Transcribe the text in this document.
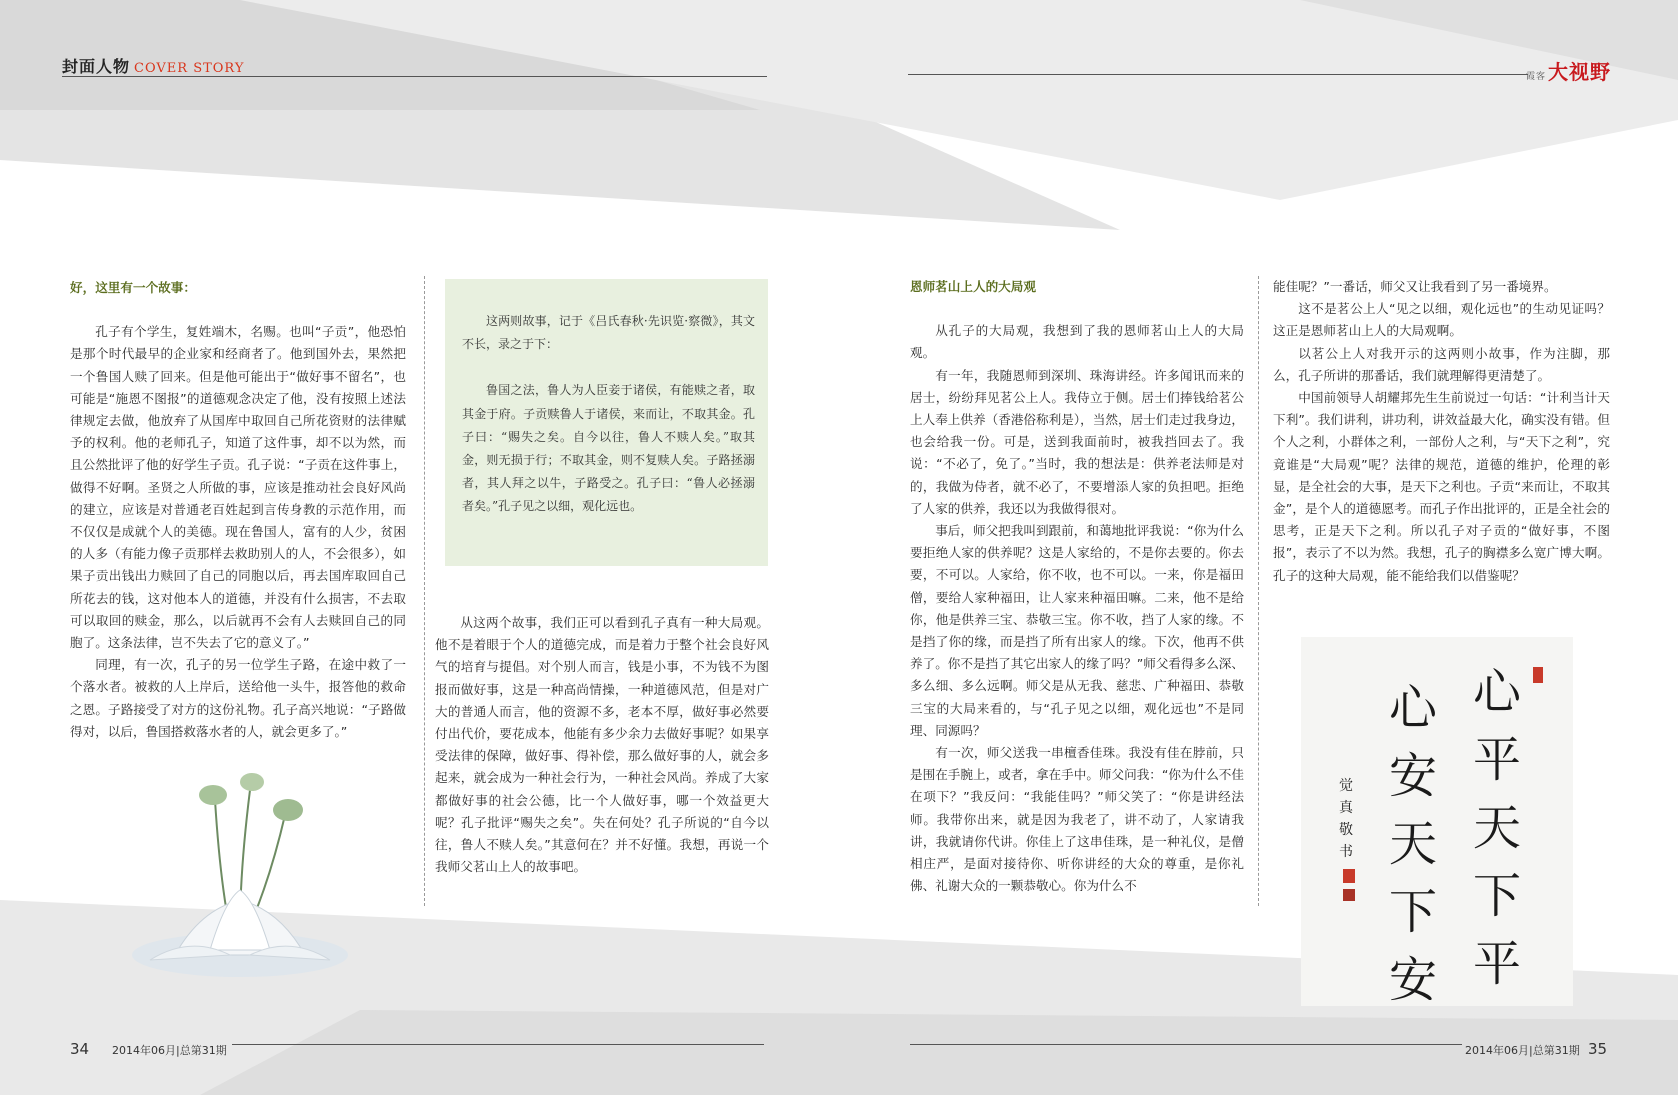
封面人物 COVER STORY
霞客 大视野

好，这里有一个故事：

孔子有个学生，复姓端木，名赐。也叫“子贡”，他恐怕是那个时代最早的企业家和经商者了。他到国外去，果然把一个鲁国人赎了回来。但是他可能出于“做好事不留名”，也可能是“施恩不图报”的道德观念决定了他，没有按照上述法律规定去做，他放弃了从国库中取回自己所花资财的法律赋予的权利。他的老师孔子，知道了这件事，却不以为然，而且公然批评了他的好学生子贡。孔子说：“子贡在这件事上，做得不好啊。圣贤之人所做的事，应该是推动社会良好风尚的建立，应该是对普通老百姓起到言传身教的示范作用，而不仅仅是成就个人的美德。现在鲁国人，富有的人少，贫困的人多（有能力像子贡那样去救助别人的人，不会很多），如果子贡出钱出力赎回了自己的同胞以后，再去国库取回自己所花去的钱，这对他本人的道德，并没有什么损害，不去取可以取回的赎金，那么，以后就再不会有人去赎回自己的同胞了。这条法律，岂不失去了它的意义了。”

同理，有一次，孔子的另一位学生子路，在途中救了一个落水者。被救的人上岸后，送给他一头牛，报答他的救命之恩。子路接受了对方的这份礼物。孔子高兴地说：“子路做得对，以后，鲁国搭救落水者的人，就会更多了。”

这两则故事，记于《吕氏春秋·先识览·察微》，其文不长，录之于下：

鲁国之法，鲁人为人臣妾于诸侯，有能赎之者，取其金于府。子贡赎鲁人于诸侯，来而让，不取其金。孔子曰：“赐失之矣。自今以往，鲁人不赎人矣。”取其金，则无损于行；不取其金，则不复赎人矣。子路拯溺者，其人拜之以牛，子路受之。孔子曰：“鲁人必拯溺者矣。”孔子见之以细，观化远也。

从这两个故事，我们正可以看到孔子真有一种大局观。他不是着眼于个人的道德完成，而是着力于整个社会良好风气的培育与提倡。对个别人而言，钱是小事，不为钱不为图报而做好事，这是一种高尚情操，一种道德风范，但是对广大的普通人而言，他的资源不多，老本不厚，做好事必然要付出代价，要花成本，他能有多少余力去做好事呢？如果享受法律的保障，做好事、得补偿，那么做好事的人，就会多起来，就会成为一种社会行为，一种社会风尚。养成了大家都做好事的社会公德，比一个人做好事，哪一个效益更大呢？孔子批评“赐失之矣”。失在何处？孔子所说的“自今以往，鲁人不赎人矣。”其意何在？并不好懂。我想，再说一个我师父茗山上人的故事吧。

恩师茗山上人的大局观

从孔子的大局观，我想到了我的恩师茗山上人的大局观。

有一年，我随恩师到深圳、珠海讲经。许多闻讯而来的居士，纷纷拜见茗公上人。我侍立于侧。居士们捧钱给茗公上人奉上供养（香港俗称利是），当然，居士们走过我身边，也会给我一份。可是，送到我面前时，被我挡回去了。我说：“不必了，免了。”当时，我的想法是：供养老法师是对的，我做为侍者，就不必了，不要增添人家的负担吧。拒绝了人家的供养，我还以为我做得很对。

事后，师父把我叫到跟前，和蔼地批评我说：“你为什么要拒绝人家的供养呢？这是人家给的，不是你去要的。你去要，不可以。人家给，你不收，也不可以。一来，你是福田僧，要给人家种福田，让人家来种福田嘛。二来，他不是给你，他是供养三宝、恭敬三宝。你不收，挡了人家的缘。不是挡了你的缘，而是挡了所有出家人的缘。下次，他再不供养了。你不是挡了其它出家人的缘了吗？”师父看得多么深、多么细、多么远啊。师父是从无我、慈悲、广种福田、恭敬三宝的大局来看的，与“孔子见之以细，观化远也”不是同理、同源吗？

有一次，师父送我一串檀香佳珠。我没有佳在脖前，只是围在手腕上，或者，拿在手中。师父问我：“你为什么不佳在项下？”我反问：“我能佳吗？”师父笑了：“你是讲经法师。我带你出来，就是因为我老了，讲不动了，人家请我讲，我就请你代讲。你佳上了这串佳珠，是一种礼仪，是僧相庄严，是面对接待你、听你讲经的大众的尊重，是你礼佛、礼谢大众的一颗恭敬心。你为什么不

能佳呢？”一番话，师父又让我看到了另一番境界。

这不是茗公上人“见之以细，观化远也”的生动见证吗？这正是恩师茗山上人的大局观啊。

以茗公上人对我开示的这两则小故事，作为注脚，那么，孔子所讲的那番话，我们就理解得更清楚了。

中国前领导人胡耀邦先生生前说过一句话：“计利当计天下利”。我们讲利，讲功利，讲效益最大化，确实没有错。但个人之利，小群体之利，一部份人之利，与“天下之利”，究竟谁是“大局观”呢？法律的规范，道德的维护，伦理的彰显，是全社会的大事，是天下之利也。子贡“来而让，不取其金”，是个人的道德愿考。而孔子作出批评的，正是全社会的思考，正是天下之利。所以孔子对子贡的“做好事，不图报”，表示了不以为然。我想，孔子的胸襟多么宽广博大啊。孔子的这种大局观，能不能给我们以借鉴呢？

心
平
天
下
平
心
安
天
下
安
觉真敬书
34 2014年06月|总第31期	2014年06月|总第31期 35
